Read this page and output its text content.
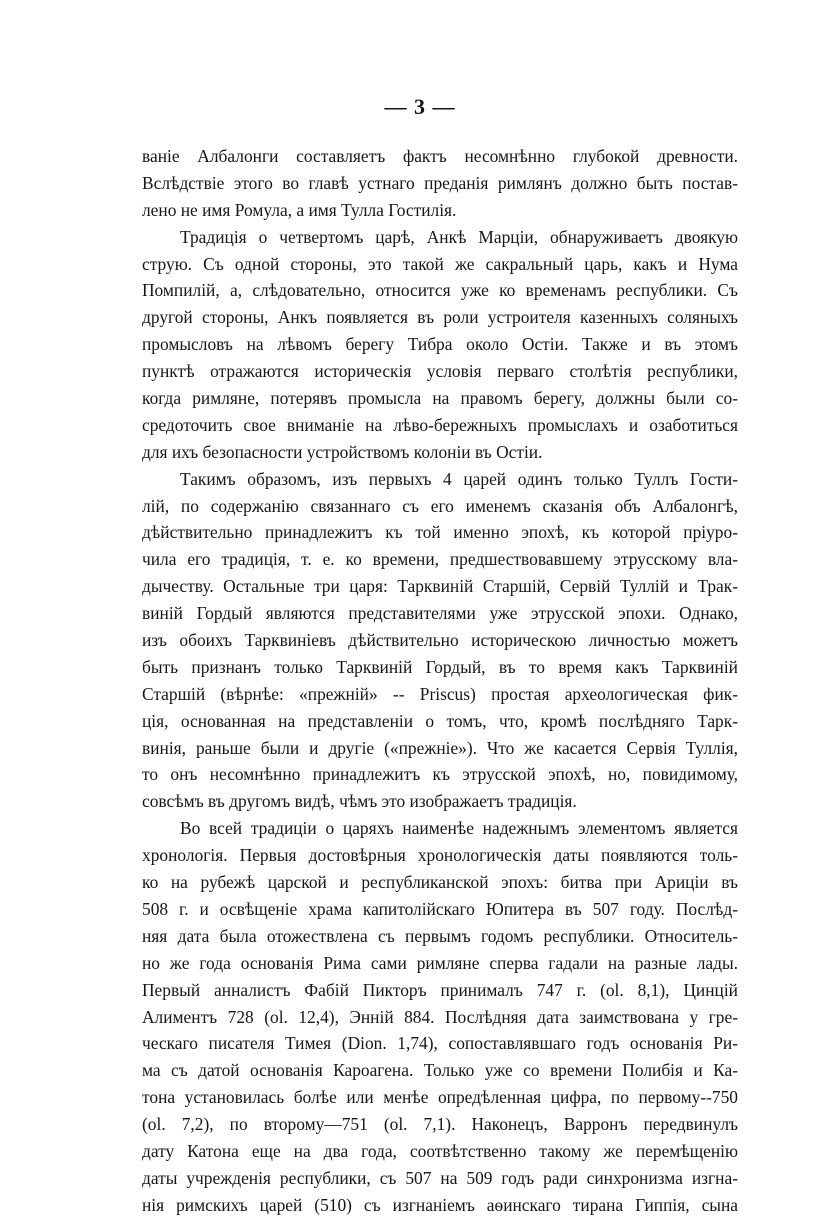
— 3 —
ваніе Албалонги составляетъ фактъ несомнѣнно глубокой древности.
Вслѣдствіе этого во главѣ устнаго преданія римлянъ должно быть постав-
лено не имя Ромула, а имя Тулла Гостилія.
Традиція о четвертомъ царѣ, Анкѣ Марціи, обнаруживаетъ двоякую
струю. Съ одной стороны, это такой же сакральный царь, какъ и Нума
Помпилій, а, слѣдовательно, относится уже ко временамъ республики. Съ
другой стороны, Анкъ появляется въ роли устроителя казенныхъ соляныхъ
промысловъ на лѣвомъ берегу Тибра около Остіи. Также и въ этомъ
пунктѣ отражаются историческія условія перваго столѣтія республики,
когда римляне, потерявъ промысла на правомъ берегу, должны были со-
средоточить свое вниманіе на лѣво-бережныхъ промыслахъ и озаботиться
для ихъ безопасности устройствомъ колоніи въ Остіи.
Такимъ образомъ, изъ первыхъ 4 царей одинъ только Туллъ Гости-
лій, по содержанію связаннаго съ его именемъ сказанія объ Албалонгѣ,
дѣйствительно принадлежитъ къ той именно эпохѣ, къ которой пріуро-
чила его традиція, т. е. ко времени, предшествовавшему этрусскому вла-
дычеству. Остальные три царя: Тарквиній Старшій, Сервій Туллій и Трак-
виній Гордый являются представителями уже этрусской эпохи. Однако,
изъ обоихъ Тарквиніевъ дѣйствительно историческою личностью можетъ
быть признанъ только Тарквиній Гордый, въ то время какъ Тарквиній
Старшій (вѣрнѣе: «прежній» -- Priscus) простая археологическая фик-
ція, основанная на представленіи о томъ, что, кромѣ послѣдняго Тарк-
винія, раньше были и другіе («прежніе»). Что же касается Сервія Туллія,
то онъ несомнѣнно принадлежитъ къ этрусской эпохѣ, но, повидимому,
совсѣмъ въ другомъ видѣ, чѣмъ это изображаетъ традиція.
Во всей традиціи о царяхъ наименѣе надежнымъ элементомъ является
хронологія. Первыя достовѣрныя хронологическія даты появляются толь-
ко на рубежѣ царской и республиканской эпохъ: битва при Ариціи въ
508 г. и освѣщеніе храма капитолійскаго Юпитера въ 507 году. Послѣд-
няя дата была отожествлена съ первымъ годомъ республики. Относитель-
но же года основанія Рима сами римляне сперва гадали на разные лады.
Первый анналистъ Фабій Пикторъ принималъ 747 г. (ol. 8,1), Цинцій
Алиментъ 728 (ol. 12,4), Энній 884. Послѣдняя дата заимствована у гре-
ческаго писателя Тимея (Dion. 1,74), сопоставлявшаго годъ основанія Ри-
ма съ датой основанія Кароагена. Только уже со времени Полибія и Ка-
тона установилась болѣе или менѣе опредѣленная цифра, по первому--750
(ol. 7,2), по второму—751 (ol. 7,1). Наконецъ, Варронъ передвинулъ
дату Катона еще на два года, соотвѣтственно такому же перемѣщенію
даты учрежденія республики, съ 507 на 509 годъ ради синхронизма изгна-
нія римскихъ царей (510) съ изгнаніемъ аѳинскаго тирана Гиппія, сына
